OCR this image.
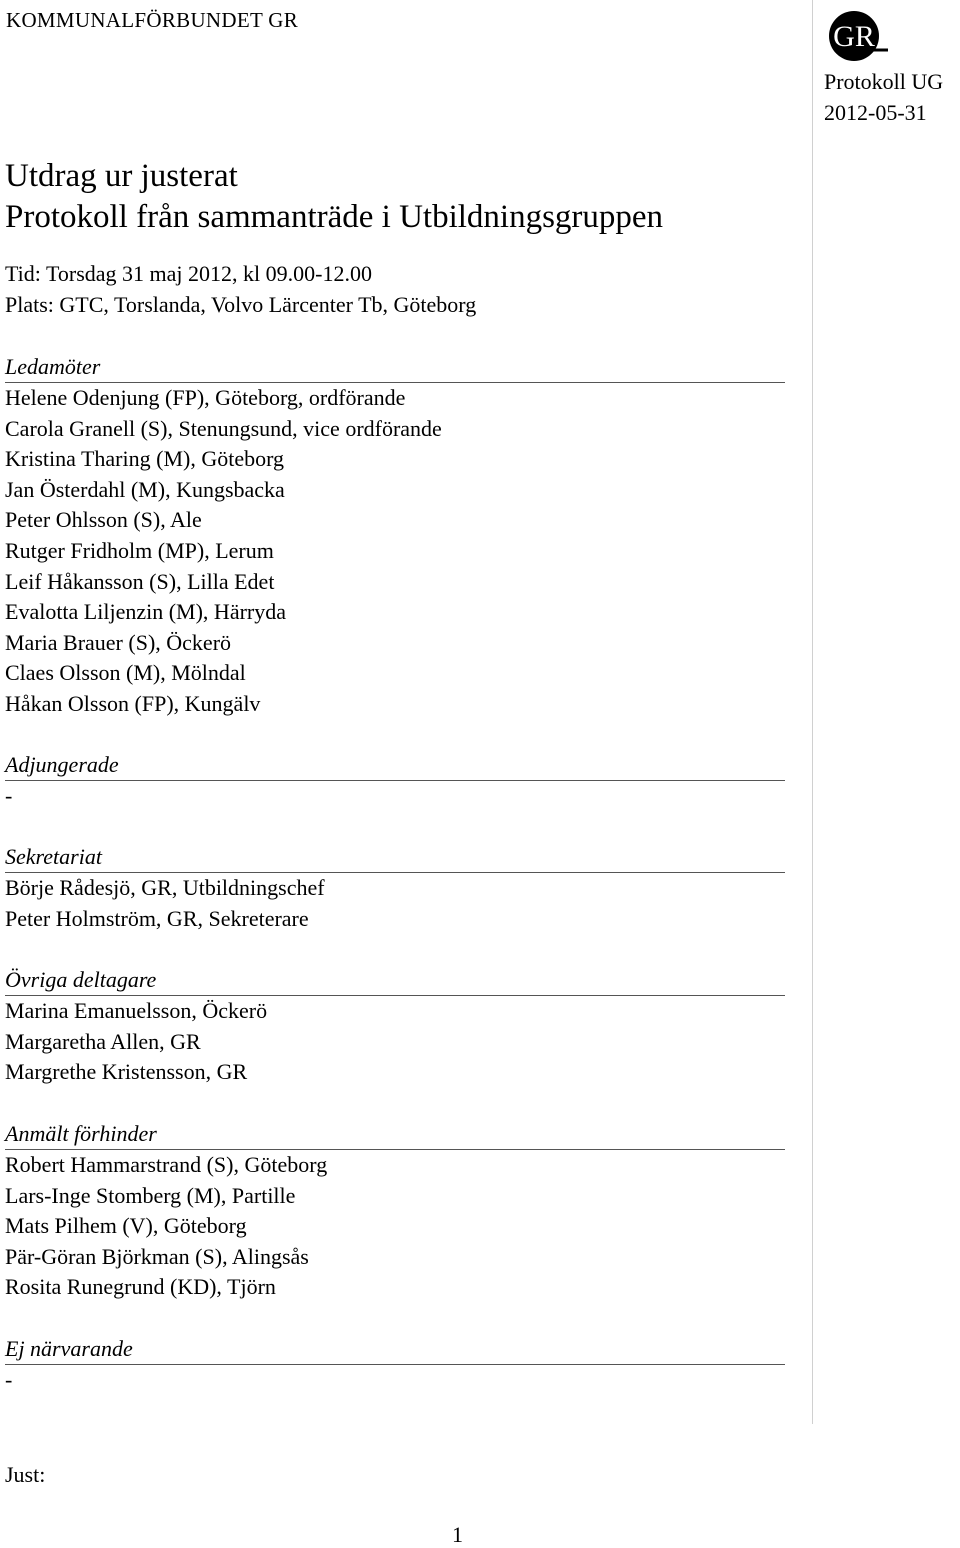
KOMMUNALFÖRBUNDET GR	GR
Protokoll UG
2012-05-31
Utdrag ur justerat
Protokoll från sammanträde i Utbildningsgruppen
Tid: Torsdag 31 maj 2012, kl 09.00-12.00
Plats: GTC, Torslanda, Volvo Lärcenter Tb, Göteborg
Ledamöter
Helene Odenjung (FP), Göteborg, ordförande
Carola Granell (S), Stenungsund, vice ordförande
Kristina Tharing (M), Göteborg
Jan Österdahl (M), Kungsbacka
Peter Ohlsson (S), Ale
Rutger Fridholm (MP), Lerum
Leif Håkansson (S), Lilla Edet
Evalotta Liljenzin (M), Härryda
Maria Brauer (S), Öckerö
Claes Olsson (M), Mölndal
Håkan Olsson (FP), Kungälv
Adjungerade
-
Sekretariat
Börje Rådesjö, GR, Utbildningschef
Peter Holmström, GR, Sekreterare
Övriga deltagare
Marina Emanuelsson, Öckerö
Margaretha Allen, GR
Margrethe Kristensson, GR
Anmält förhinder
Robert Hammarstrand (S), Göteborg
Lars-Inge Stomberg (M), Partille
Mats Pilhem (V), Göteborg
Pär-Göran Björkman (S), Alingsås
Rosita Runegrund (KD), Tjörn
Ej närvarande
-
Just:
1
